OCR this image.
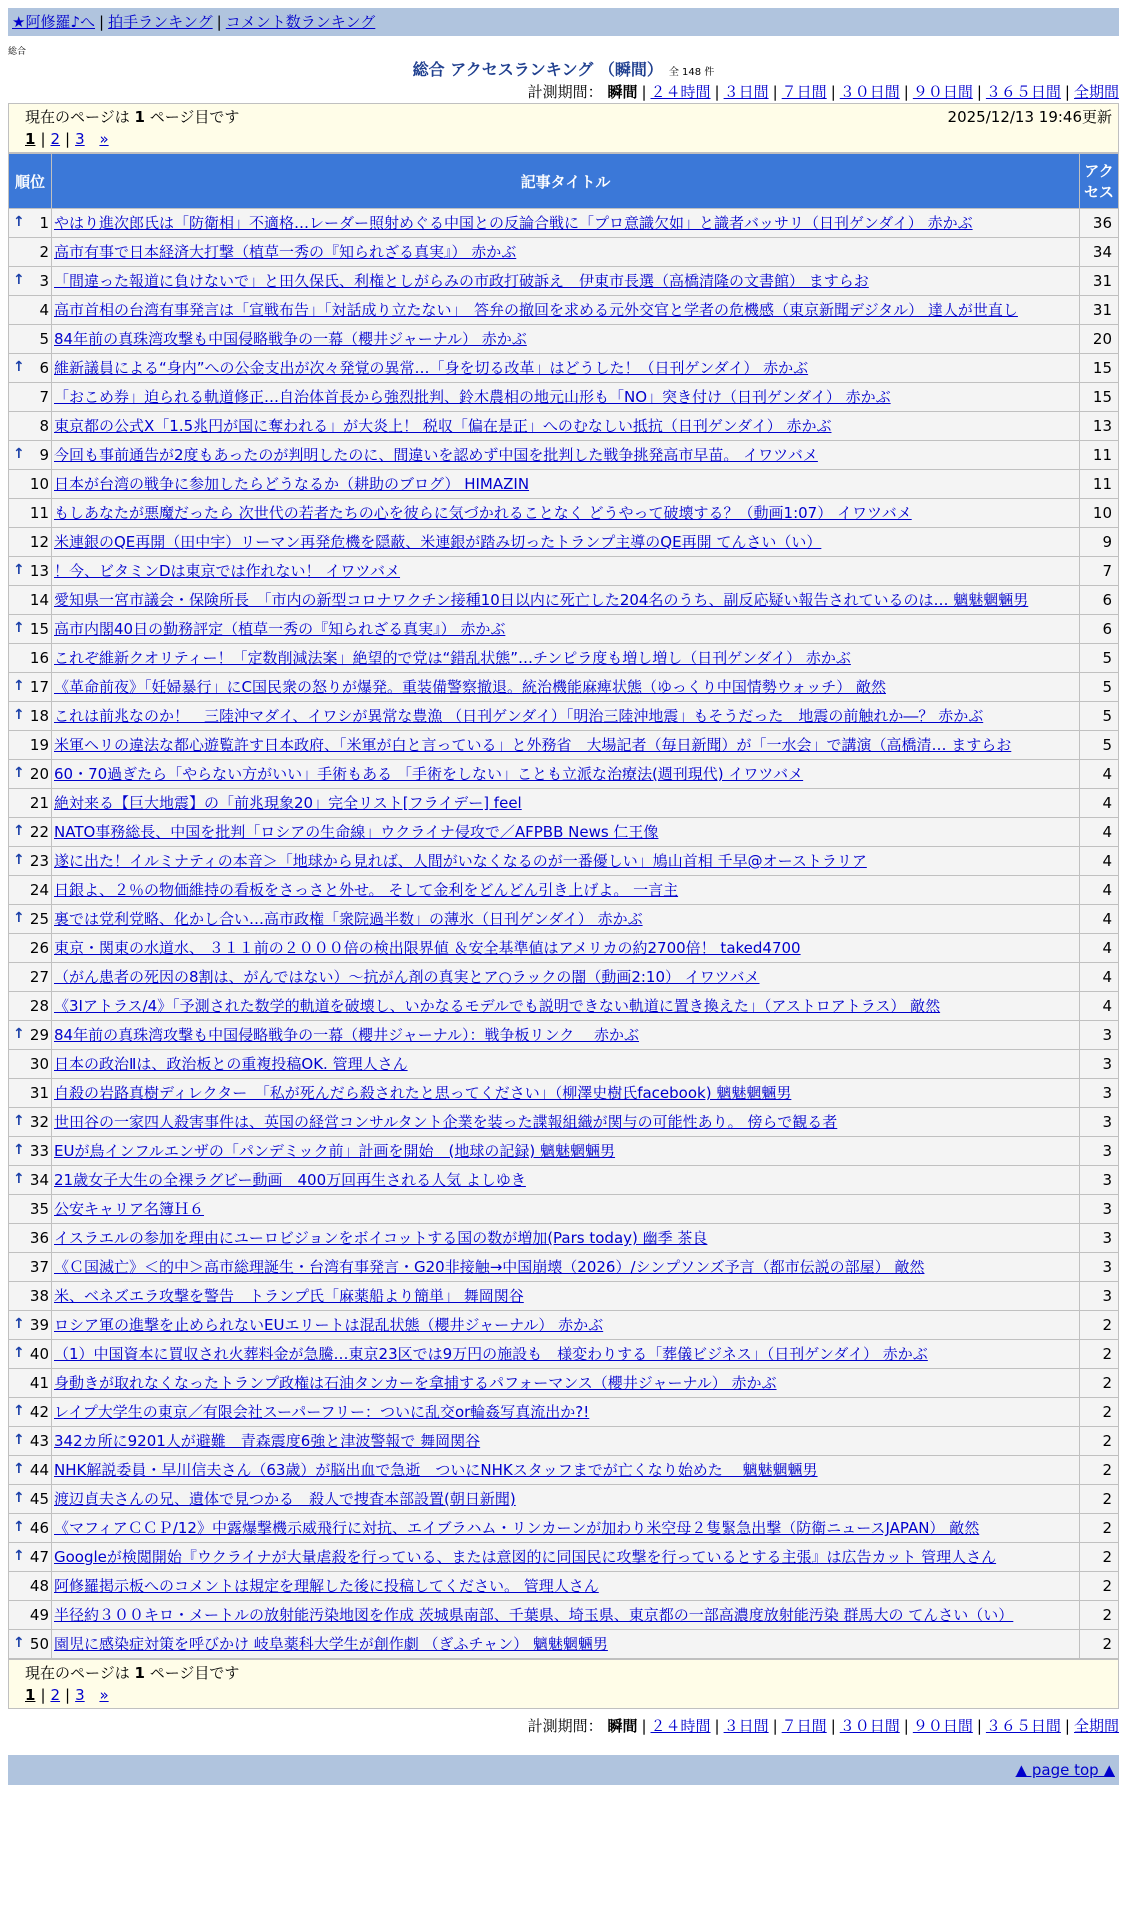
★阿修羅♪へ | 拍手ランキング | コメント数ランキング
総合
総合 アクセスランキング （瞬間） 全 148 件
計測期間： 瞬間 | ２４時間 | ３日間 | ７日間 | ３０日間 | ９０日間 | ３６５日間 | 全期間
現在のページは 1 ページ目です	2025/12/13 19:46更新
1 | 2 | 3 »
順位	記事タイトル	アクセス

↑ 1	やはり進次郎氏は「防衛相」不適格…レーダー照射めぐる中国との反論合戦に「プロ意識欠如」と識者バッサリ（日刊ゲンダイ） 赤かぶ	36
2	高市有事で日本経済大打撃（植草一秀の『知られざる真実』） 赤かぶ	34

↑ 3	「間違った報道に負けないで」と田久保氏、利権としがらみの市政打破訴え　伊東市長選（高橋清隆の文書館） ますらお	31
4	高市首相の台湾有事発言は「宣戦布告」「対話成り立たない」　答弁の撤回を求める元外交官と学者の危機感（東京新聞デジタル） 達人が世直し	31
5	84年前の真珠湾攻撃も中国侵略戦争の一幕（櫻井ジャーナル） 赤かぶ	20

↑ 6	維新議員による“身内”への公金支出が次々発覚の異常…「身を切る改革」はどうした！（日刊ゲンダイ） 赤かぶ	15
7	「おこめ券」迫られる軌道修正…自治体首長から強烈批判、鈴木農相の地元山形も「NO」突き付け（日刊ゲンダイ） 赤かぶ	15
8	東京都の公式X「1.5兆円が国に奪われる」が大炎上！ 税収「偏在是正」へのむなしい抵抗（日刊ゲンダイ） 赤かぶ	13

↑ 9	今回も事前通告が2度もあったのが判明したのに、間違いを認めず中国を批判した戦争挑発高市早苗。 イワツバメ	11
10	日本が台湾の戦争に参加したらどうなるか（耕助のブログ） HIMAZIN	11
11	もしあなたが悪魔だったら 次世代の若者たちの心を彼らに気づかれることなく どうやって破壊する？（動画1:07） イワツバメ	10
12	米連銀のQE再開（田中宇）リーマン再発危機を隠蔽、米連銀が踏み切ったトランプ主導のQE再開 てんさい（い）	9

↑ 13	！今、ビタミンDは東京では作れない！ イワツバメ	7
14	愛知県一宮市議会・保険所長　「市内の新型コロナワクチン接種10日以内に死亡した204名のうち、副反応疑い報告されているのは… 魑魅魍魎男	6

↑ 15	高市内閣40日の勤務評定（植草一秀の『知られざる真実』） 赤かぶ	6
16	これぞ維新クオリティー！「定数削減法案」絶望的で党は“錯乱状態”…チンピラ度も増し増し（日刊ゲンダイ） 赤かぶ	5

↑ 17	《革命前夜》「妊婦暴行」にC国民衆の怒りが爆発。重装備警察撤退。統治機能麻痺状態（ゆっくり中国情勢ウォッチ） 敵然	5

↑ 18	これは前兆なのか！　三陸沖マダイ、イワシが異常な豊漁 （日刊ゲンダイ）「明治三陸沖地震」もそうだった　地震の前触れか―？ 赤かぶ	5
19	米軍ヘリの違法な都心遊覧許す日本政府、「米軍が白と言っている」と外務省　大場記者（毎日新聞）が「一水会」で講演（高橋清… ますらお	5

↑ 20	60・70過ぎたら「やらない方がいい」手術もある 「手術をしない」ことも立派な治療法(週刊現代) イワツバメ	4
21	絶対来る【巨大地震】の「前兆現象20」完全リスト[フライデー] feel	4

↑ 22	NATO事務総長、中国を批判「ロシアの生命線」ウクライナ侵攻で／AFPBB News 仁王像	4

↑ 23	遂に出た！イルミナティの本音＞「地球から見れば、人間がいなくなるのが一番優しい」鳩山首相 千早@オーストラリア	4
24	日銀よ、２％の物価維持の看板をさっさと外せ。 そして金利をどんどん引き上げよ。 一言主	4

↑ 25	裏では党利党略、化かし合い…高市政権「衆院過半数」の薄氷（日刊ゲンダイ） 赤かぶ	4
26	東京・関東の水道水、 ３１１前の２０００倍の検出限界値 ＆安全基準値はアメリカの約2700倍！ taked4700	4
27	（がん患者の死因の8割は、がんではない）～抗がん剤の真実とア○ラックの闇（動画2:10） イワツバメ	4
28	《3Iアトラス/4》「予測された数学的軌道を破壊し、いかなるモデルでも説明できない軌道に置き換えた」（アストロアトラス） 敵然	4

↑ 29	84年前の真珠湾攻撃も中国侵略戦争の一幕（櫻井ジャーナル）：戦争板リンク　 赤かぶ	3
30	日本の政治Ⅱは、政治板との重複投稿OK. 管理人さん	3
31	自殺の岩路真樹ディレクター　「私が死んだら殺されたと思ってください」（柳澤史樹氏facebook) 魑魅魍魎男	3

↑ 32	世田谷の一家四人殺害事件は、英国の経営コンサルタント企業を装った諜報組織が関与の可能性あり。 傍らで観る者	3

↑ 33	EUが鳥インフルエンザの「パンデミック前」計画を開始　(地球の記録) 魑魅魍魎男	3

↑ 34	21歳女子大生の全裸ラグビー動画　400万回再生される人気 よしゆき	3
35	公安キャリア名簿Ｈ６	3
36	イスラエルの参加を理由にユーロビジョンをボイコットする国の数が増加(Pars today) 幽季 茶良	3
37	《Ｃ国滅亡》＜的中＞高市総理誕生・台湾有事発言・G20非接触→中国崩壊（2026）/シンプソンズ予言（都市伝説の部屋） 敵然	3
38	米、ベネズエラ攻撃を警告　トランプ氏「麻薬船より簡単」 舞岡関谷	3

↑ 39	ロシア軍の進撃を止められないEUエリートは混乱状態（櫻井ジャーナル） 赤かぶ	2

↑ 40	（1）中国資本に買収され火葬料金が急騰…東京23区では9万円の施設も　様変わりする「葬儀ビジネス」（日刊ゲンダイ） 赤かぶ	2
41	身動きが取れなくなったトランプ政権は石油タンカーを拿捕するパフォーマンス（櫻井ジャーナル） 赤かぶ	2

↑ 42	レイプ大学生の東京／有限会社スーパーフリー：ついに乱交or輪姦写真流出か?!	2

↑ 43	342カ所に9201人が避難　青森震度6強と津波警報で 舞岡関谷	2

↑ 44	NHK解説委員・早川信夫さん（63歳）が脳出血で急逝　ついにNHKスタッフまでが亡くなり始めた　 魑魅魍魎男	2

↑ 45	渡辺貞夫さんの兄、遺体で見つかる　殺人で捜査本部設置(朝日新聞)	2

↑ 46	《マフィアＣＣＰ/12》中露爆撃機示威飛行に対抗、エイブラハム・リンカーンが加わり米空母２隻緊急出撃（防衛ニュースJAPAN） 敵然	2

↑ 47	Googleが検閲開始『ウクライナが大量虐殺を行っている、または意図的に同国民に攻撃を行っているとする主張』は広告カット 管理人さん	2
48	阿修羅掲示板へのコメントは規定を理解した後に投稿してください。 管理人さん	2
49	半径約３００キロ・メートルの放射能汚染地図を作成 茨城県南部、千葉県、埼玉県、東京都の一部高濃度放射能汚染 群馬大の てんさい（い）	2

↑ 50	園児に感染症対策を呼びかけ 岐阜薬科大学生が創作劇 （ぎふチャン） 魑魅魍魎男	2
現在のページは 1 ページ目です
1 | 2 | 3 »
計測期間： 瞬間 | ２４時間 | ３日間 | ７日間 | ３０日間 | ９０日間 | ３６５日間 | 全期間
▲ page top ▲
